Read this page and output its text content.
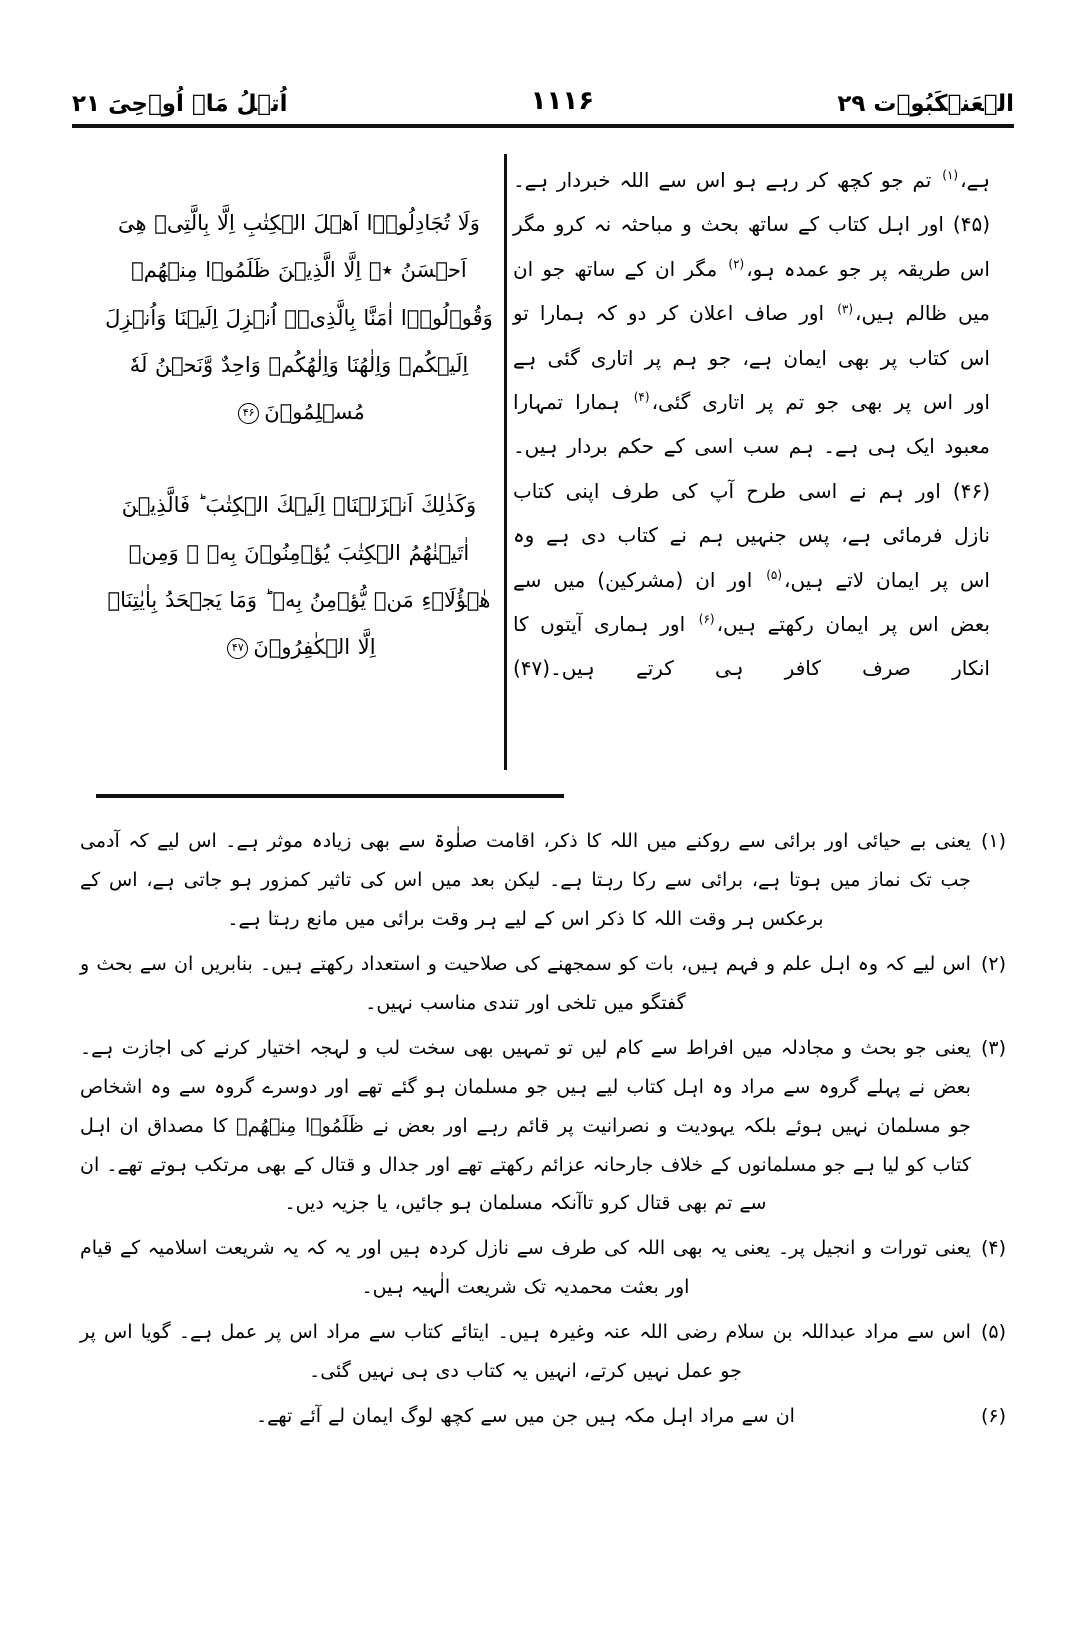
الۡعَنۡکَبُوۡت ۲۹
۱۱۱۶
اُتۡلُ مَاۤ اُوۡحِیَ ۲۱
ہے،$^{(۱)}$ تم جو کچھ کر رہے ہو اس سے اللہ خبردار ہے۔(۴۵) اور اہل کتاب کے ساتھ بحث و مباحثہ نہ کرو مگر اس طریقہ پر جو عمدہ ہو،$^{(۲)}$ مگر ان کے ساتھ جو ان میں ظالم ہیں،$^{(۳)}$ اور صاف اعلان کر دو کہ ہمارا تو اس کتاب پر بھی ایمان ہے، جو ہم پر اتاری گئی ہے اور اس پر بھی جو تم پر اتاری گئی،$^{(۴)}$ ہمارا تمہارا معبود ایک ہی ہے۔ ہم سب اسی کے حکم بردار ہیں۔(۴۶) اور ہم نے اسی طرح آپ کی طرف اپنی کتاب نازل فرمائی ہے، پس جنہیں ہم نے کتاب دی ہے وہ اس پر ایمان لاتے ہیں،$^{(۵)}$ اور ان (مشرکین) میں سے بعض اس پر ایمان رکھتے ہیں،$^{(۶)}$ اور ہماری آیتوں کا انکار صرف کافر ہی کرتے ہیں۔(۴۷)
وَلَا تُجَادِلُوۡۤا اَهۡلَ الۡكِتٰبِ اِلَّا بِالَّتِىۡ هِىَ اَحۡسَنُ ٭ۖ اِلَّا الَّذِيۡنَ ظَلَمُوۡا مِنۡهُمۡ وَقُوۡلُوۡۤا اٰمَنَّا بِالَّذِىۡۤ اُنۡزِلَ اِلَيۡنَا وَاُنۡزِلَ اِلَيۡكُمۡ وَاِلٰهُنَا وَاِلٰهُكُمۡ وَاحِدٌ وَّنَحۡنُ لَهٗ مُسۡلِمُوۡنَ۴۶
وَكَذٰلِكَ اَنۡزَلۡنَاۤ اِلَيۡكَ الۡكِتٰبَ ؕ فَالَّذِيۡنَ اٰتَيۡنٰهُمُ الۡكِتٰبَ يُؤۡمِنُوۡنَ بِهٖ ۚ وَمِنۡ هٰۤؤُلَاۤءِ مَنۡ يُّؤۡمِنُ بِهٖ ؕ وَمَا يَجۡحَدُ بِاٰيٰتِنَاۤ اِلَّا الۡكٰفِرُوۡنَ۴۷
(۱)
یعنی بے حیائی اور برائی سے روکنے میں اللہ کا ذکر، اقامت صلٰوۃ سے بھی زیادہ موثر ہے۔ اس لیے کہ آدمی جب تک نماز میں ہوتا ہے، برائی سے رکا رہتا ہے۔ لیکن بعد میں اس کی تاثیر کمزور ہو جاتی ہے، اس کے برعکس ہر وقت اللہ کا ذکر اس کے لیے ہر وقت برائی میں مانع رہتا ہے۔
(۲)
اس لیے کہ وہ اہل علم و فہم ہیں، بات کو سمجھنے کی صلاحیت و استعداد رکھتے ہیں۔ بنابریں ان سے بحث و گفتگو میں تلخی اور تندی مناسب نہیں۔
(۳)
یعنی جو بحث و مجادلہ میں افراط سے کام لیں تو تمہیں بھی سخت لب و لہجہ اختیار کرنے کی اجازت ہے۔ بعض نے پہلے گروہ سے مراد وہ اہل کتاب لیے ہیں جو مسلمان ہو گئے تھے اور دوسرے گروہ سے وہ اشخاص جو مسلمان نہیں ہوئے بلکہ یہودیت و نصرانیت پر قائم رہے اور بعض نے ظَلَمُوۡا مِنۡهُمۡ کا مصداق ان اہل کتاب کو لیا ہے جو مسلمانوں کے خلاف جارحانہ عزائم رکھتے تھے اور جدال و قتال کے بھی مرتکب ہوتے تھے۔ ان سے تم بھی قتال کرو تاآنکہ مسلمان ہو جائیں، یا جزیہ دیں۔
(۴)
یعنی تورات و انجیل پر۔ یعنی یہ بھی اللہ کی طرف سے نازل کردہ ہیں اور یہ کہ یہ شریعت اسلامیہ کے قیام اور بعثت محمدیہ تک شریعت الٰہیہ ہیں۔
(۵)
اس سے مراد عبداللہ بن سلام رضی اللہ عنہ وغیرہ ہیں۔ ایتائے کتاب سے مراد اس پر عمل ہے۔ گویا اس پر جو عمل نہیں کرتے، انہیں یہ کتاب دی ہی نہیں گئی۔
(۶)
ان سے مراد اہل مکہ ہیں جن میں سے کچھ لوگ ایمان لے آئے تھے۔
